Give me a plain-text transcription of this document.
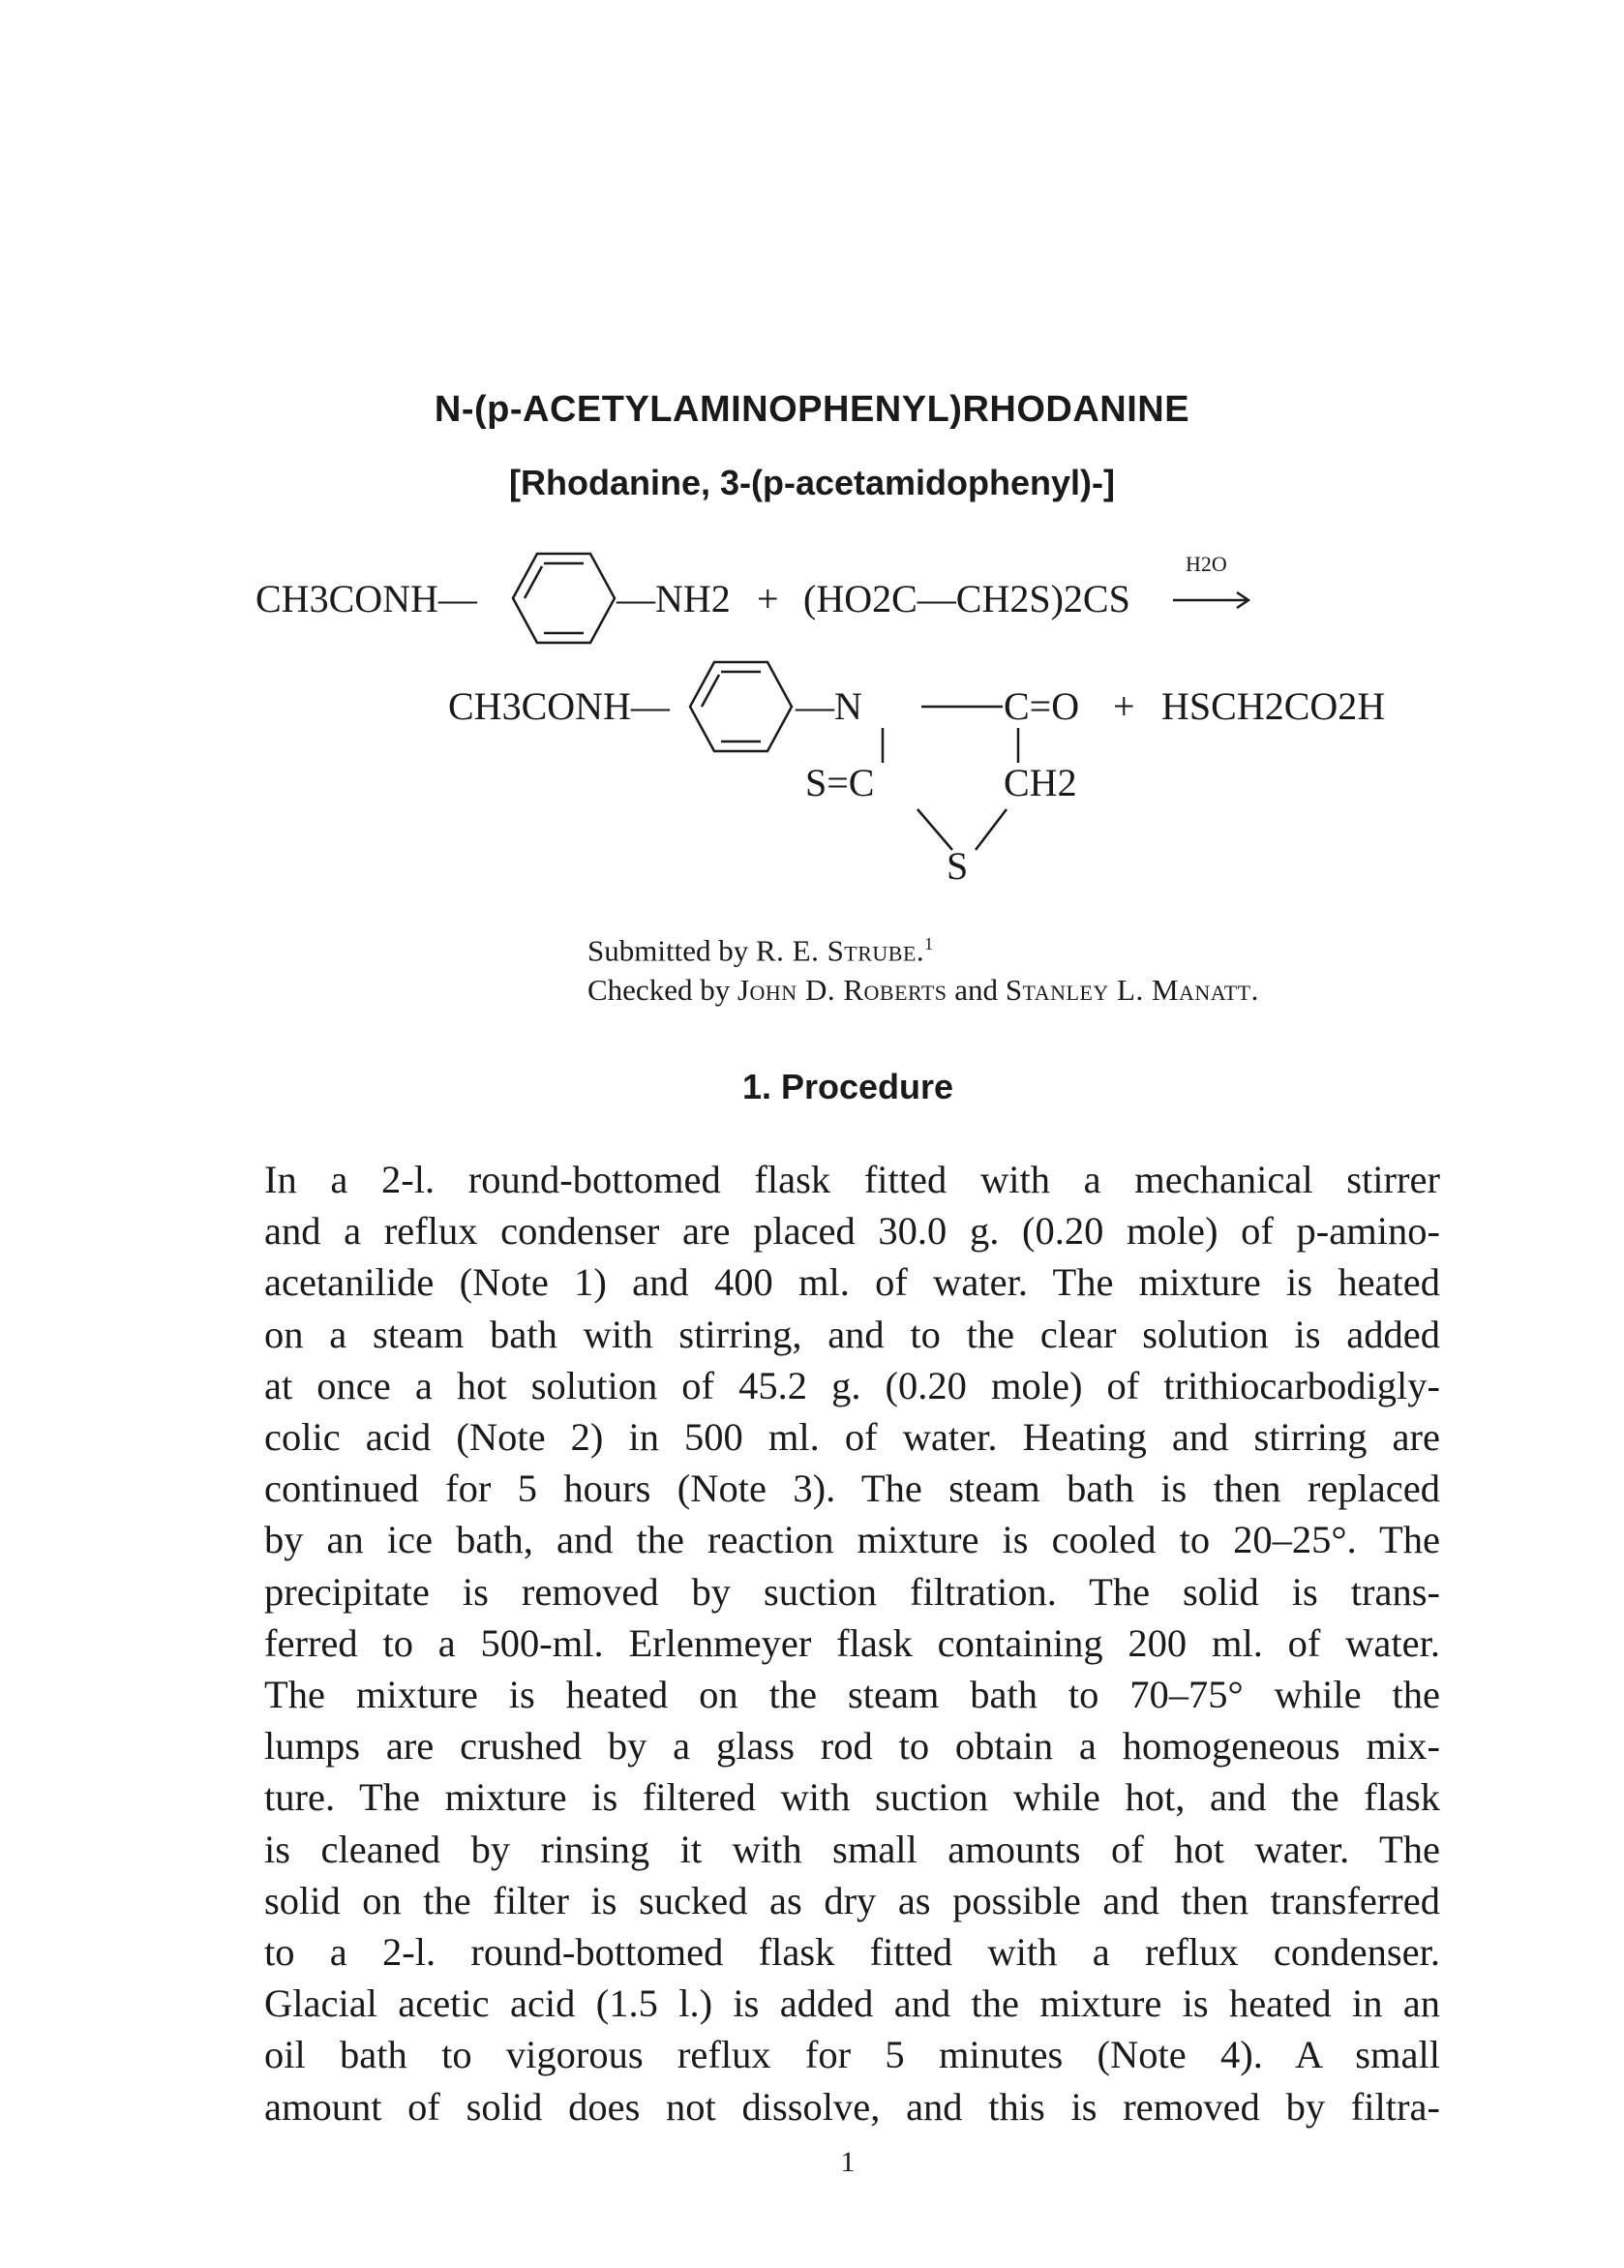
N-(p-ACETYLAMINOPHENYL)RHODANINE
[Rhodanine, 3-(p-acetamidophenyl)-]
CH3CONH—	—NH2 + (HO2C—CH2S)2CS
H2O
CH3CONH—	—N	C=O + HSCH2CO2H
S=C	CH2
S
Submitted by R. E. Strube.$^1$
Checked by John D. Roberts and Stanley L. Manatt.
1. Procedure
In a 2-l. round-bottomed flask fitted with a mechanical stirrer
and a reflux condenser are placed 30.0 g. (0.20 mole) of p-amino-
acetanilide (Note 1) and 400 ml. of water. The mixture is heated
on a steam bath with stirring, and to the clear solution is added
at once a hot solution of 45.2 g. (0.20 mole) of trithiocarbodigly-
colic acid (Note 2) in 500 ml. of water. Heating and stirring are
continued for 5 hours (Note 3). The steam bath is then replaced
by an ice bath, and the reaction mixture is cooled to 20–25°. The
precipitate is removed by suction filtration. The solid is trans-
ferred to a 500-ml. Erlenmeyer flask containing 200 ml. of water.
The mixture is heated on the steam bath to 70–75° while the
lumps are crushed by a glass rod to obtain a homogeneous mix-
ture. The mixture is filtered with suction while hot, and the flask
is cleaned by rinsing it with small amounts of hot water. The
solid on the filter is sucked as dry as possible and then transferred
to a 2-l. round-bottomed flask fitted with a reflux condenser.
Glacial acetic acid (1.5 l.) is added and the mixture is heated in an
oil bath to vigorous reflux for 5 minutes (Note 4). A small
amount of solid does not dissolve, and this is removed by filtra-
1
